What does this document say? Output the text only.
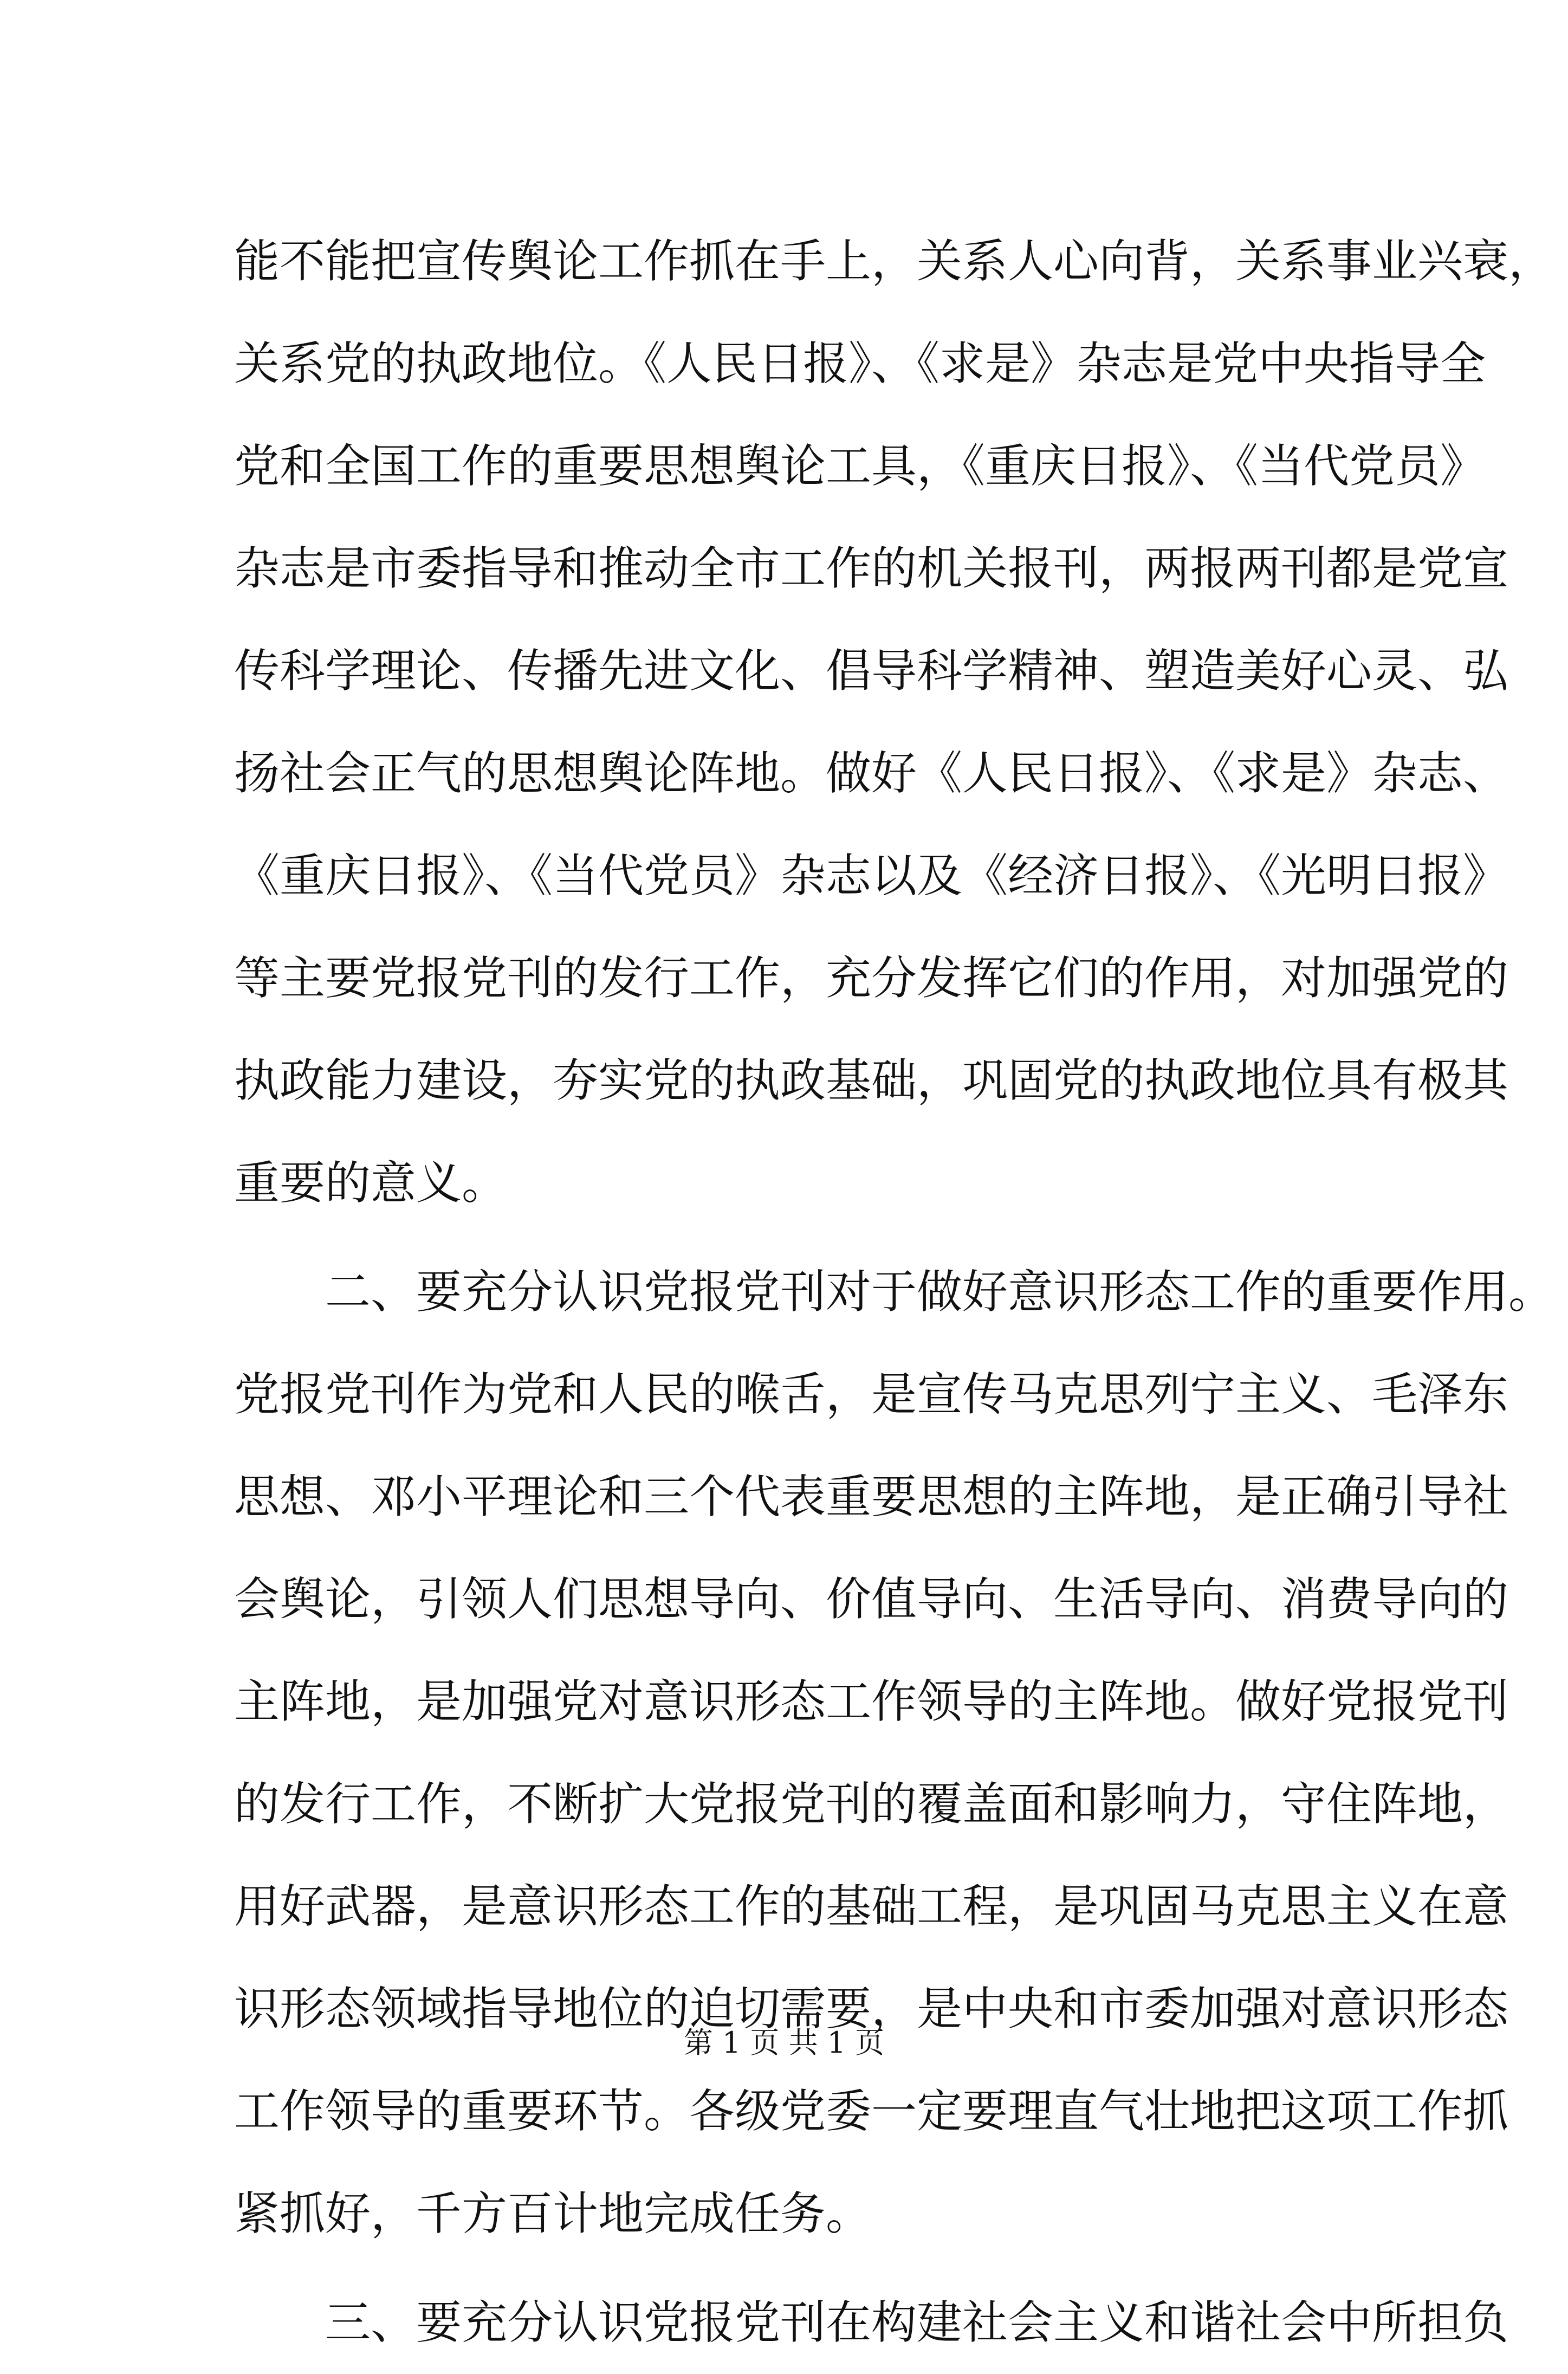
能不能把宣传舆论工作抓在手上，关系人心向背，关系事业兴衰，
关系党的执政地位。《人民日报》、《求是》杂志是党中央指导全
党和全国工作的重要思想舆论工具，《重庆日报》、《当代党员》
杂志是市委指导和推动全市工作的机关报刊，两报两刊都是党宣
传科学理论、传播先进文化、倡导科学精神、塑造美好心灵、弘
扬社会正气的思想舆论阵地。做好《人民日报》、《求是》杂志、
《重庆日报》、《当代党员》杂志以及《经济日报》、《光明日报》
等主要党报党刊的发行工作，充分发挥它们的作用，对加强党的
执政能力建设，夯实党的执政基础，巩固党的执政地位具有极其
重要的意义。
　　二、要充分认识党报党刊对于做好意识形态工作的重要作用。
党报党刊作为党和人民的喉舌，是宣传马克思列宁主义、毛泽东
思想、邓小平理论和三个代表重要思想的主阵地，是正确引导社
会舆论，引领人们思想导向、价值导向、生活导向、消费导向的
主阵地，是加强党对意识形态工作领导的主阵地。做好党报党刊
的发行工作，不断扩大党报党刊的覆盖面和影响力，守住阵地，
用好武器，是意识形态工作的基础工程，是巩固马克思主义在意
识形态领域指导地位的迫切需要，是中央和市委加强对意识形态
工作领导的重要环节。各级党委一定要理直气壮地把这项工作抓
紧抓好，千方百计地完成任务。
　　三、要充分认识党报党刊在构建社会主义和谐社会中所担负
第 1 页 共 1 页
